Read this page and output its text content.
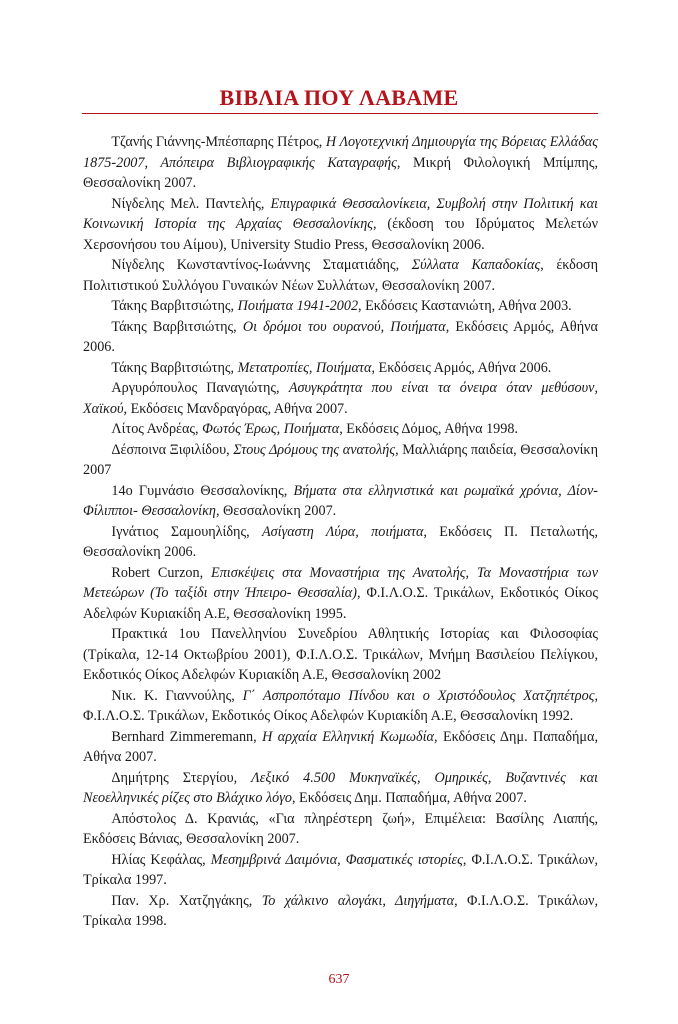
ΒΙΒΛΙΑ ΠΟΥ ΛΑΒΑΜΕ

Τζανής Γιάννης-Μπέσπαρης Πέτρος, Η Λογοτεχνική Δημιουργία της Βόρειας Ελλάδας 1875-2007, Απόπειρα Βιβλιογραφικής Καταγραφής, Μικρή Φιλολογική Μπίμπης, Θεσσαλονίκη 2007.

Νίγδελης Μελ. Παντελής, Επιγραφικά Θεσσαλονίκεια, Συμβολή στην Πολιτική και Κοινωνική Ιστορία της Αρχαίας Θεσσαλονίκης, (έκδοση του Ιδρύματος Μελετών Χερσονήσου του Αίμου), University Studio Press, Θεσσαλονίκη 2006.

Νίγδελης Κωνσταντίνος-Ιωάννης Σταματιάδης, Σύλλατα Καπαδοκίας, έκδοση Πολιτιστικού Συλλόγου Γυναικών Νέων Συλλάτων, Θεσσαλονίκη 2007.

Τάκης Βαρβιτσιώτης, Ποιήματα 1941-2002, Εκδόσεις Καστανιώτη, Αθήνα 2003.

Τάκης Βαρβιτσιώτης, Οι δρόμοι του ουρανού, Ποιήματα, Εκδόσεις Αρμός, Αθήνα 2006.

Τάκης Βαρβιτσιώτης, Μετατροπίες, Ποιήματα, Εκδόσεις Αρμός, Αθήνα 2006.

Αργυρόπουλος Παναγιώτης, Ασυγκράτητα που είναι τα όνειρα όταν μεθύσουν, Χαϊκού, Εκδόσεις Μανδραγόρας, Αθήνα 2007.

Λίτος Ανδρέας, Φωτός Έρως, Ποιήματα, Εκδόσεις Δόμος, Αθήνα 1998.

Δέσποινα Ξιφιλίδου, Στους Δρόμους της ανατολής, Μαλλιάρης παιδεία, Θεσσαλονίκη 2007

14ο Γυμνάσιο Θεσσαλονίκης, Βήματα στα ελληνιστικά και ρωμαϊκά χρόνια, Δίον-Φίλιπποι- Θεσσαλονίκη, Θεσσαλονίκη 2007.

Ιγνάτιος Σαμουηλίδης, Ασίγαστη Λύρα, ποιήματα, Εκδόσεις Π. Πεταλωτής, Θεσσαλονίκη 2006.

Robert Curzon, Επισκέψεις στα Μοναστήρια της Ανατολής, Τα Μοναστήρια των Μετεώρων (Το ταξίδι στην Ήπειρο- Θεσσαλία), Φ.Ι.Λ.Ο.Σ. Τρικάλων, Εκδοτικός Οίκος Αδελφών Κυριακίδη Α.Ε, Θεσσαλονίκη 1995.

Πρακτικά 1ου Πανελληνίου Συνεδρίου Αθλητικής Ιστορίας και Φιλοσοφίας (Τρίκαλα, 12-14 Οκτωβρίου 2001), Φ.Ι.Λ.Ο.Σ. Τρικάλων, Μνήμη Βασιλείου Πελίγκου, Εκδοτικός Οίκος Αδελφών Κυριακίδη Α.Ε, Θεσσαλονίκη 2002

Νικ. Κ. Γιαννούλης, Γ΄ Ασπροπόταμο Πίνδου και ο Χριστόδουλος Χατζηπέτρος, Φ.Ι.Λ.Ο.Σ. Τρικάλων, Εκδοτικός Οίκος Αδελφών Κυριακίδη Α.Ε, Θεσσαλονίκη 1992.

Bernhard Zimmeremann, Η αρχαία Ελληνική Κωμωδία, Εκδόσεις Δημ. Παπαδήμα, Αθήνα 2007.

Δημήτρης Στεργίου, Λεξικό 4.500 Μυκηναϊκές, Ομηρικές, Βυζαντινές και Νεοελληνικές ρίζες στο Βλάχικο λόγο, Εκδόσεις Δημ. Παπαδήμα, Αθήνα 2007.

Απόστολος Δ. Κρανιάς, «Για πληρέστερη ζωή», Επιμέλεια: Βασίλης Λιαπής, Εκδόσεις Βάνιας, Θεσσαλονίκη 2007.

Ηλίας Κεφάλας, Μεσημβρινά Δαιμόνια, Φασματικές ιστορίες, Φ.Ι.Λ.Ο.Σ. Τρικάλων, Τρίκαλα 1997.

Παν. Χρ. Χατζηγάκης, Το χάλκινο αλογάκι, Διηγήματα, Φ.Ι.Λ.Ο.Σ. Τρικάλων, Τρίκαλα 1998.

637
